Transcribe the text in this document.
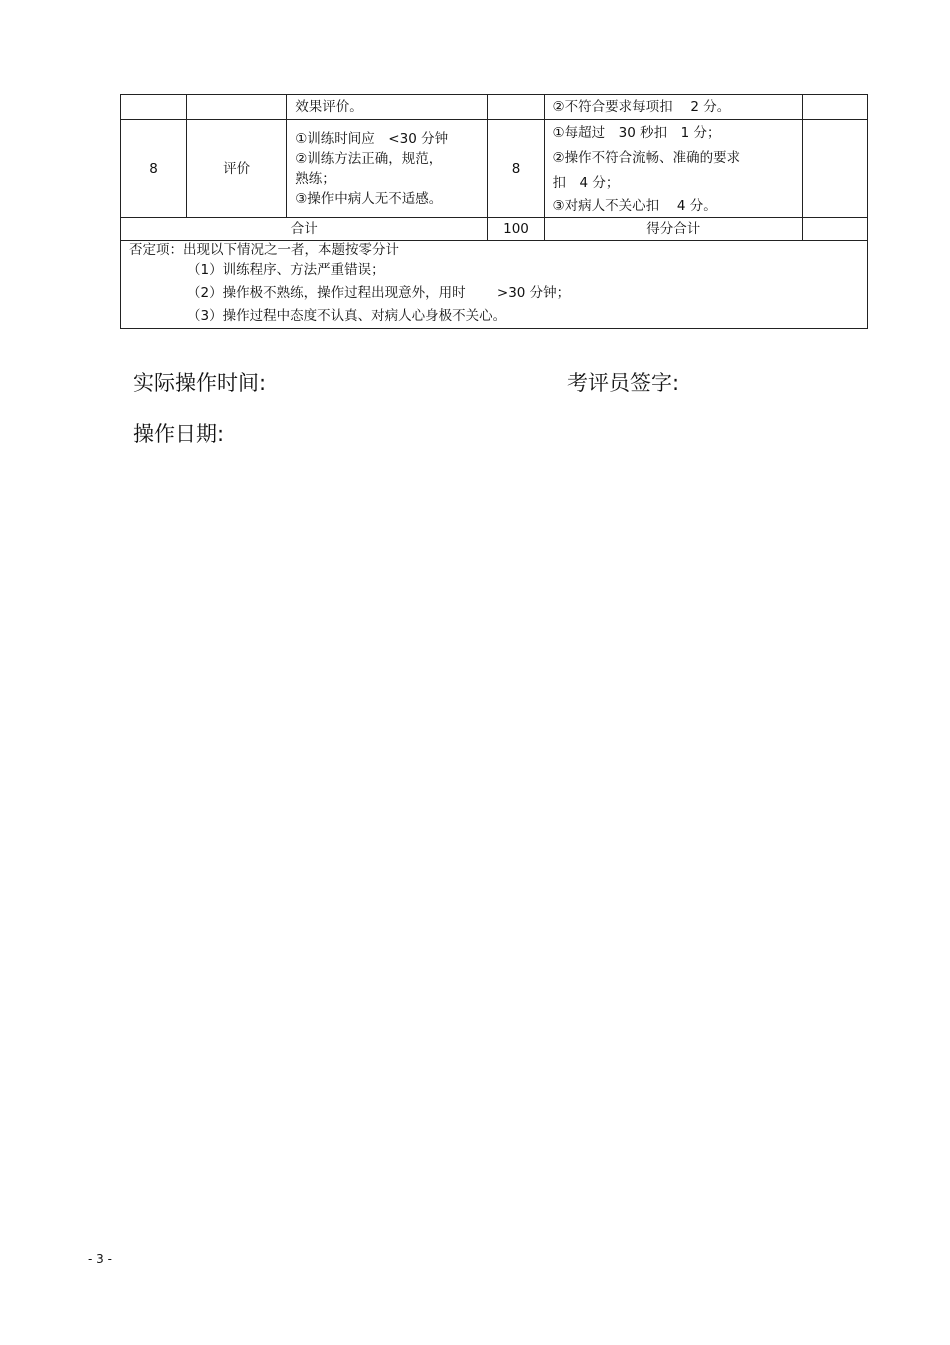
		效果评价。		②不符合要求每项扣　 2 分。	

8	评价	①训练时间应　<30 分钟
②训练方法正确，规范，
熟练；
③操作中病人无不适感。	8	①每超过　30 秒扣　1 分；
②操作不符合流畅、准确的要求
扣　4 分；
③对病人不关心扣　 4 分。	

合计			100	得分合计	

否定项：出现以下情况之一者，本题按零分计
（1）训练程序、方法严重错误；
（2）操作极不熟练，操作过程出现意外，用时　　 >30 分钟；
（3）操作过程中态度不认真、对病人心身极不关心。					
实际操作时间:	考评员签字:
操作日期:
- 3 -
